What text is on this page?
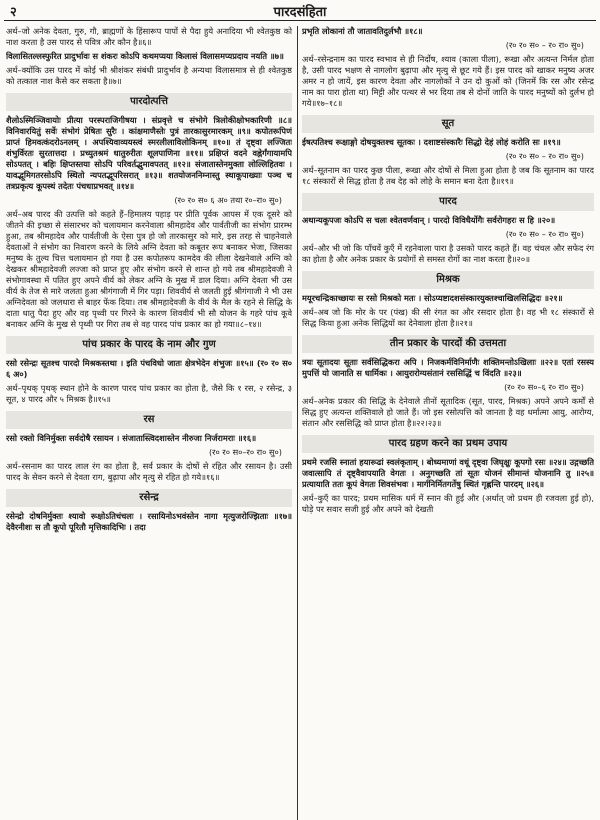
२	पारदसंहिता

अर्थ–जो अनेक देवता, गुरु, गौ, ब्राह्मणों के हिंसारूप पापों से पैदा हुये अनादिया भी श्वेतकुष्ठ को नाश करता है उस पारद से पवित्र और कौन है॥६॥

विलासितल्लस्फुरित प्रादुर्भावः स शंकरः कोऽपि कथमप्यया किलासं विलासमप्यप्रदाय नयति ॥७॥

अर्थ–क्योंकि उस पारद में कोई भी श्रीशंकर संबंधी प्रादुर्भाव है अन्यथा विलासमात्र से ही श्वेतकुष्ठ को तत्काल नाश कैसे कर सकता है॥७॥

पारदोत्पत्ति

शैलोऽस्मिञ्जिवायोः प्रीत्या परस्पराजिगीषया । संप्रवृत्ते च संभोगे त्रिलोकीक्षोभकारिणी ॥८॥ विनिवारयितुं सर्वेः संभोगं प्रेषितः सुरैः । कांक्षमाणैस्तेः पुत्रं तारकासुरमारकम् ॥९॥ कपोतरूपिणं प्राप्तं हिमवत्कंदरोऽनलम् । अपश्यिवाव्ययस्त्वं स्मरलीलाविलोकिनम् ॥१०॥ तं दृष्ट्वा लज्जितः शंभुर्विरतः सुरतात्तदा । प्रच्युतश्रमं धातुरुरीतः शूलपाणिना ॥११॥ प्रक्षिप्तं वदने वह्नेर्गंगायामपि सोऽपतत् । बहिः क्षिप्तस्तया सोऽपि परिवर्तद्भुमावपतत् ॥१२॥ संजातास्तेनमुक्ता लोल्लिहितवः । यावद्भूमिगतरसोऽपि स्थितो न्यपतद्भूपरिसरात् ॥१३॥ शतयोजननिम्नास्तु स्थाकूपाख्याः पञ्च च तत्रप्रकृत्य कूपस्थं तदेतः पंचधाप्रभवत् ॥१४॥

(र० र० स० ६ अ० तथा र०–रा० सु०)

अर्थ–अब पारद की उत्पत्ति को कहते हैं–हिमालय पहाड़ पर प्रीति पूर्वक आपस में एक दूसरे को जीतने की इच्छा से संसारभर को चलायमान करनेवाला श्रीमहादेव और पार्वतीजी का संभोग प्रारम्भ हुआ, तब श्रीमहादेव और पार्वतीजी के ऐसा पुत्र हो जो तारकासुर को मारे, इस तरह से चाहनेवाले देवताओं ने संभोग का निवारण करने के लिये अग्नि देवता को कबूतर रूप बनाकर भेजा, जिसका मनुष्य के तुल्य चित्त चलायमान हो गया है उस कपोतरूप कामदेव की लीला देखनेवाले अग्नि को देखकर श्रीमहादेवजी लज्जा को प्राप्त हुए और संभोग करने से शान्त हो गये तब श्रीमहादेवजी ने संभोगावस्था में पतित हुए अपने वीर्य को लेकर अग्नि के मुख में डाल दिया। अग्नि देवता भी उस वीर्य के तेज से मारे जलता हुआ श्रीगंगाजी में गिर पड़ा। शिववीर्य से जलती हुई श्रीगंगाजी ने भी उस अग्निदेवता को जलधारा से बाहर फेंक दिया। तब श्रीमहादेवजी के वीर्य के मैल के रहने से सिद्धि के दाता धातु पैदा हुए और वह पृथ्वी पर गिरने के कारण शिववीर्य भी सौ योजन के गहरे पांच कूवे बनाकर अग्नि के मुख से पृथ्वी पर गिरा तब से वह पारद पांच प्रकार का हो गया॥८–१४॥

पांच प्रकार के पारद के नाम और गुण

रसो रसेन्द्रः सूतश्च पारदो मिश्रकस्तथा । इति पंचविधो जातः क्षेत्रभेदेन शंभुजः ॥१५॥ (र० र० स० ६ अ०)

अर्थ–पृथक् पृथक् स्थान होने के कारण पारद पांच प्रकार का होता है, जैसे कि १ रस, २ रसेन्द्र, ३ सूत, ४ पारद और ५ मिश्रक है॥१५॥

रस

रसो रक्तो विनिर्मुक्तः सर्वदोषै रसायन । संजातास्त्विदशास्तेन नीरुजा निर्जरामराः ॥१६॥

(र० र० स०–र० रा० सु०)

अर्थ–रसनाम का पारद लाल रंग का होता है, सर्व प्रकार के दोषों से रहित और रसायन है। उसी पारद के सेवन करने से देवता राग, बुढ़ापा और मृत्यु से रहित हो गये॥१६॥

रसेन्द्र

रसेन्द्रो दोषनिर्मुक्तः श्यावो रूक्षोऽतिचंचलः । रसायिनोऽभवंस्तेन नागा मृत्युजरोज्झिताः ॥१७॥ देवैरनीशः स तौ कूपो पूरितौ मृत्तिकादिभिः । तदा

प्रभृति लोकानां तौ जातावतिदुर्लभौ ॥१८॥

(र० र० स० – र० रा० सु०)

अर्थ–रसेन्द्रनाम का पारद स्वभाव से ही निर्दोष, श्याव (काला पीला), रूखा और अत्यन्त निर्मल होता है, उसी पारद भक्षण से नागलोग बुढ़ापा और मृत्यु से छूट गये हैं। इस पारद को खाकर मनुष्य अजर अमर न हो जायें, इस कारण देवता और नागलोकों ने उन दो कुओं को (जिनमें कि रस और रसेन्द्र नाम का पारा होता था) मिट्टी और पत्थर से भर दिया तब से दोनों जाति के पारद मनुष्यों को दुर्लभ हो गये॥१७–१८॥

सूत

ईषत्पतिश्च रूक्षाङ्गो दोषयुक्तश्च सूतकः । दशाष्टसंस्कारैः सिद्धो देहं लोहं करोति सः ॥१९॥

(र० र० स० – र० रा० सु०)

अर्थ–सूतनाम का पारद कुछ पीला, रूखा और दोषों से मिला हुआ होता है जब कि सूतनाम का पारद १८ संस्कारों से सिद्ध होता है तब देह को लोहे के समान बना देता है॥१९॥

पारद

अथान्यकूपजः कोऽपि स चलः श्वेतवर्णवान् । पारदो विविधैर्योगैः सर्वरोगहरः स हि ॥२०॥

(र० र० स० – र० रा० सु०)

अर्थ–और भी जो कि पाँचवें कुएँ में रहनेवाला पारा है उसको पारद कहते हैं। वह चंचल और सफेद रंग का होता है और अनेक प्रकार के प्रयोगों से समस्त रोगों का नाश करता है॥२०॥

मिश्रक

मयूरचन्द्रिकाच्छायः स रसो मिश्रको मतः । सोऽप्यष्टादशसंस्कारयुक्तश्चाखिलसिद्धिदः ॥२१॥

अर्थ–अब जो कि मोर के पर (पंख) की सी रंगत का और रसदार होता है। वह भी १८ संस्कारों से सिद्ध किया हुआ अनेक सिद्धियों का देनेवाला होता है॥२१॥

तीन प्रकार के पारदों की उत्तमता

त्रयः सूतादयः सूताः सर्वसिद्धिकरा अपि । निजकर्मविनिर्माणैः शक्तिमन्तोऽखिलाः ॥२२॥ एतां रसस्य मुपत्तिं यो जानाति स धार्मिकः । आयुरारोग्यसंतानं रससिद्धिं च विंदति ॥२३॥

(र० र० स०–६ र० रा० सु०)

अर्थ–अनेक प्रकार की सिद्धि के देनेवाले तीनों सूतादिक (सूत, पारद, मिश्रक) अपने अपने कर्मों से सिद्ध हुए अत्यन्त शक्तिवाले हो जाते हैं। जो इस रसोत्पत्ति को जानता है वह धर्मात्मा आयु, आरोग्य, संतान और रससिद्धि को प्राप्त होता है॥२२।२३॥

पारद ग्रहण करने का प्रथम उपाय

प्रथमे रजसि स्नातां हयारूढां स्वलंकृताम् । बोध्यमाणां वधूं दृष्ट्वा जिघृक्षुः कूपगो रसः ॥२४॥ उद्गच्छति जवात्सापि तं दृष्ट्वैवापयाति वेगतः । अनुगच्छति तां सूतः योजनं सीमान्तं योजनानि तु ॥२५॥ प्रत्यायाति ततः कूपं वेगतः शिवसंभवः । मार्गनिर्मितगर्तेषु स्थितं गृह्णन्ति पारदम् ॥२६॥

अर्थ–कुएँ का पारद; प्रथम मासिक धर्म में स्नान की हुई और (अर्थात् जो प्रथम ही रजवला हुई हो), घोड़े पर सवार सजी हुई और अपने को देखती
